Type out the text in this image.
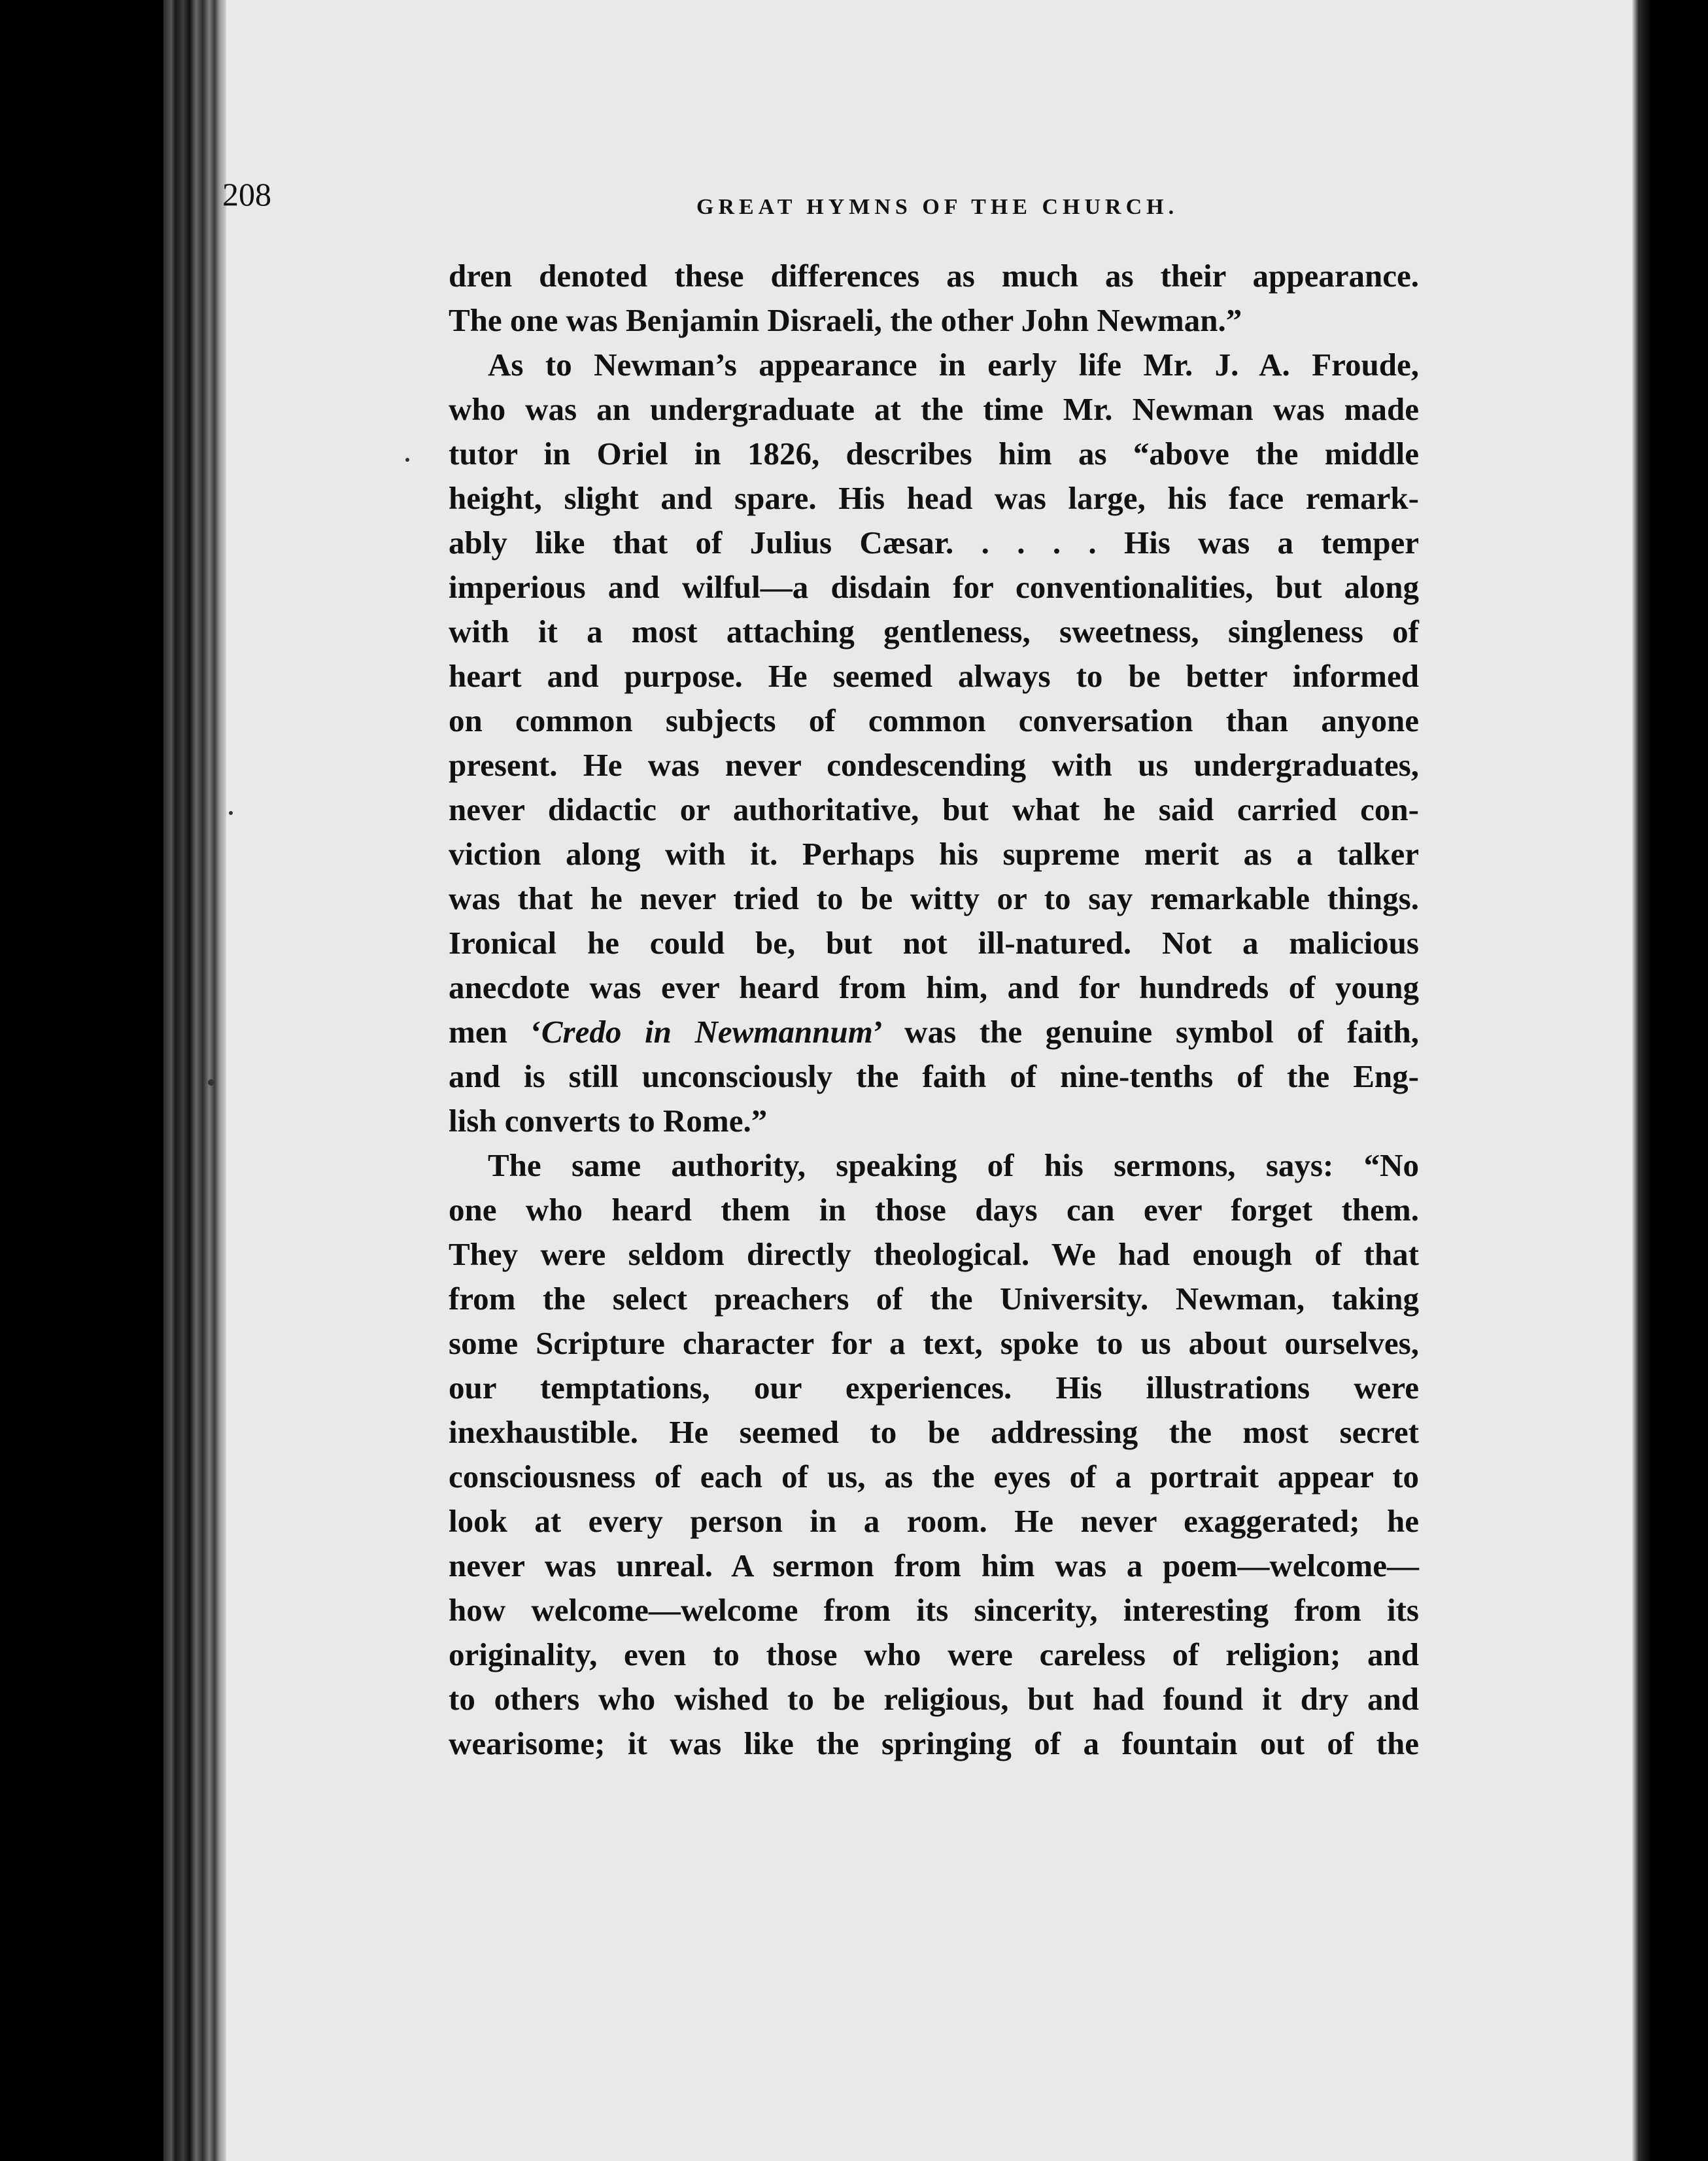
208	GREAT HYMNS OF THE CHURCH.
dren denoted these differences as much as their appearance.
The one was Benjamin Disraeli, the other John Newman.”
As to Newman’s appearance in early life Mr. J. A. Froude,
who was an undergraduate at the time Mr. Newman was made
tutor in Oriel in 1826, describes him as “above the middle
height, slight and spare. His head was large, his face remark-
ably like that of Julius Cæsar. . . . . His was a temper
imperious and wilful—a disdain for conventionalities, but along
with it a most attaching gentleness, sweetness, singleness of
heart and purpose. He seemed always to be better informed
on common subjects of common conversation than anyone
present. He was never condescending with us undergraduates,
never didactic or authoritative, but what he said carried con-
viction along with it. Perhaps his supreme merit as a talker
was that he never tried to be witty or to say remarkable things.
Ironical he could be, but not ill-natured. Not a malicious
anecdote was ever heard from him, and for hundreds of young
men ‘Credo in Newmannum’ was the genuine symbol of faith,
and is still unconsciously the faith of nine-tenths of the Eng-
lish converts to Rome.”
The same authority, speaking of his sermons, says: “No
one who heard them in those days can ever forget them.
They were seldom directly theological. We had enough of that
from the select preachers of the University. Newman, taking
some Scripture character for a text, spoke to us about ourselves,
our temptations, our experiences. His illustrations were
inexhaustible. He seemed to be addressing the most secret
consciousness of each of us, as the eyes of a portrait appear to
look at every person in a room. He never exaggerated; he
never was unreal. A sermon from him was a poem—welcome—
how welcome—welcome from its sincerity, interesting from its
originality, even to those who were careless of religion; and
to others who wished to be religious, but had found it dry and
wearisome; it was like the springing of a fountain out of the
